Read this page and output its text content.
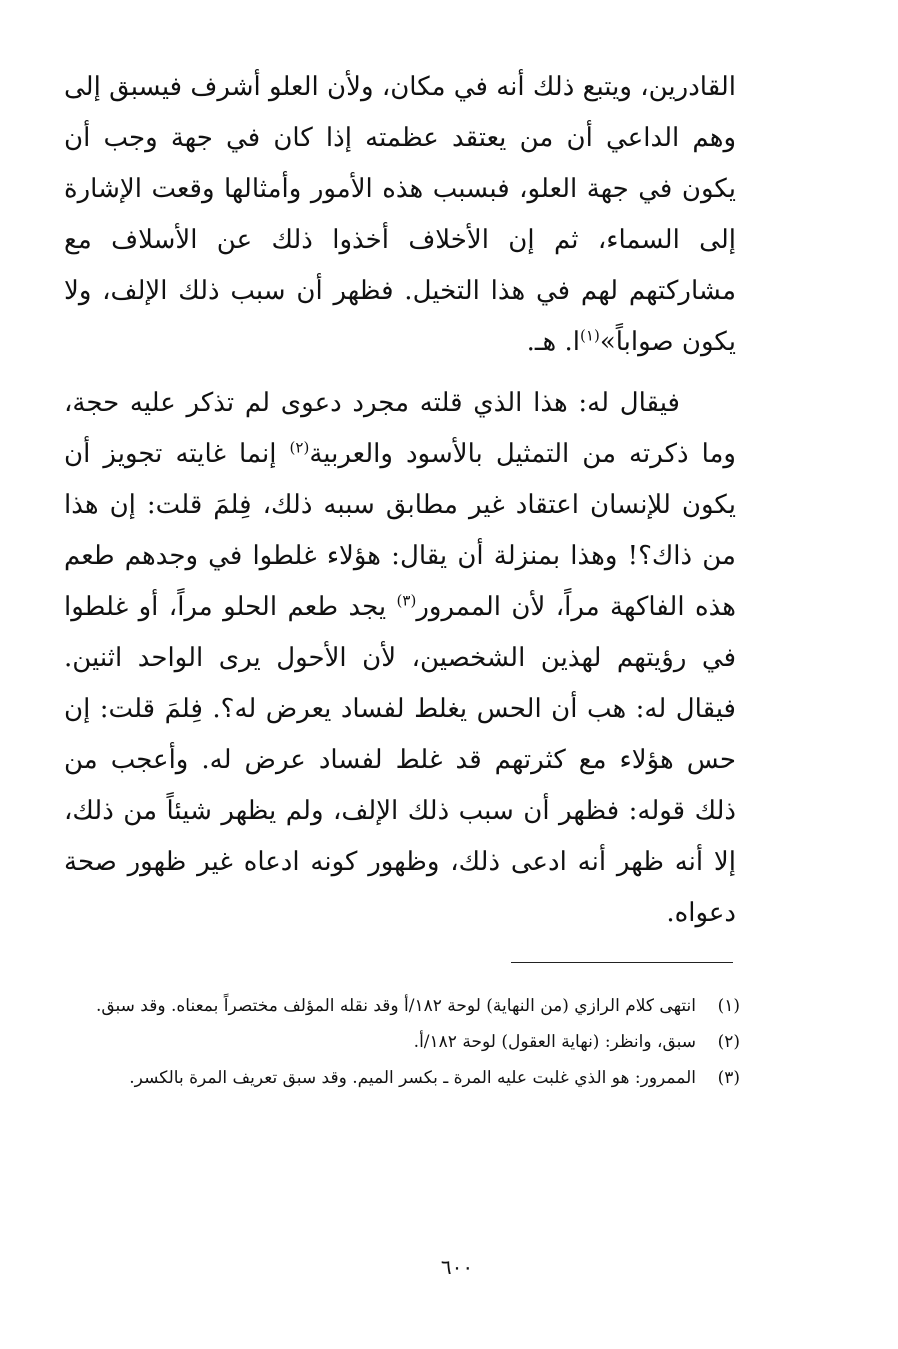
القادرين، ويتبع ذلك أنه في مكان، ولأن العلو أشرف فيسبق إلى وهم الداعي أن من يعتقد عظمته إذا كان في جهة وجب أن يكون في جهة العلو، فبسبب هذه الأمور وأمثالها وقعت الإشارة إلى السماء، ثم إن الأخلاف أخذوا ذلك عن الأسلاف مع مشاركتهم لهم في هذا التخيل. فظهر أن سبب ذلك الإلف، ولا يكون صواباً»$^{(١)}$ا. هـ.

فيقال له: هذا الذي قلته مجرد دعوى لم تذكر عليه حجة، وما ذكرته من التمثيل بالأسود والعربية$^{(٢)}$ إنما غايته تجويز أن يكون للإنسان اعتقاد غير مطابق سببه ذلك، فِلمَ قلت: إن هذا من ذاك؟! وهذا بمنزلة أن يقال: هؤلاء غلطوا في وجدهم طعم هذه الفاكهة مراً، لأن الممرور$^{(٣)}$ يجد طعم الحلو مراً، أو غلطوا في رؤيتهم لهذين الشخصين، لأن الأحول يرى الواحد اثنين. فيقال له: هب أن الحس يغلط لفساد يعرض له؟. فِلمَ قلت: إن حس هؤلاء مع كثرتهم قد غلط لفساد عرض له. وأعجب من ذلك قوله: فظهر أن سبب ذلك الإلف، ولم يظهر شيئاً من ذلك، إلا أنه ظهر أنه ادعى ذلك، وظهور كونه ادعاه غير ظهور صحة دعواه.

(١)
انتهى كلام الرازي (من النهاية) لوحة ١٨٢/أ وقد نقله المؤلف مختصراً بمعناه. وقد سبق.
(٢)
سبق، وانظر: (نهاية العقول) لوحة ١٨٢/أ.
(٣)
الممرور: هو الذي غلبت عليه المرة ـ بكسر الميم. وقد سبق تعريف المرة بالكسر.
٦٠٠
